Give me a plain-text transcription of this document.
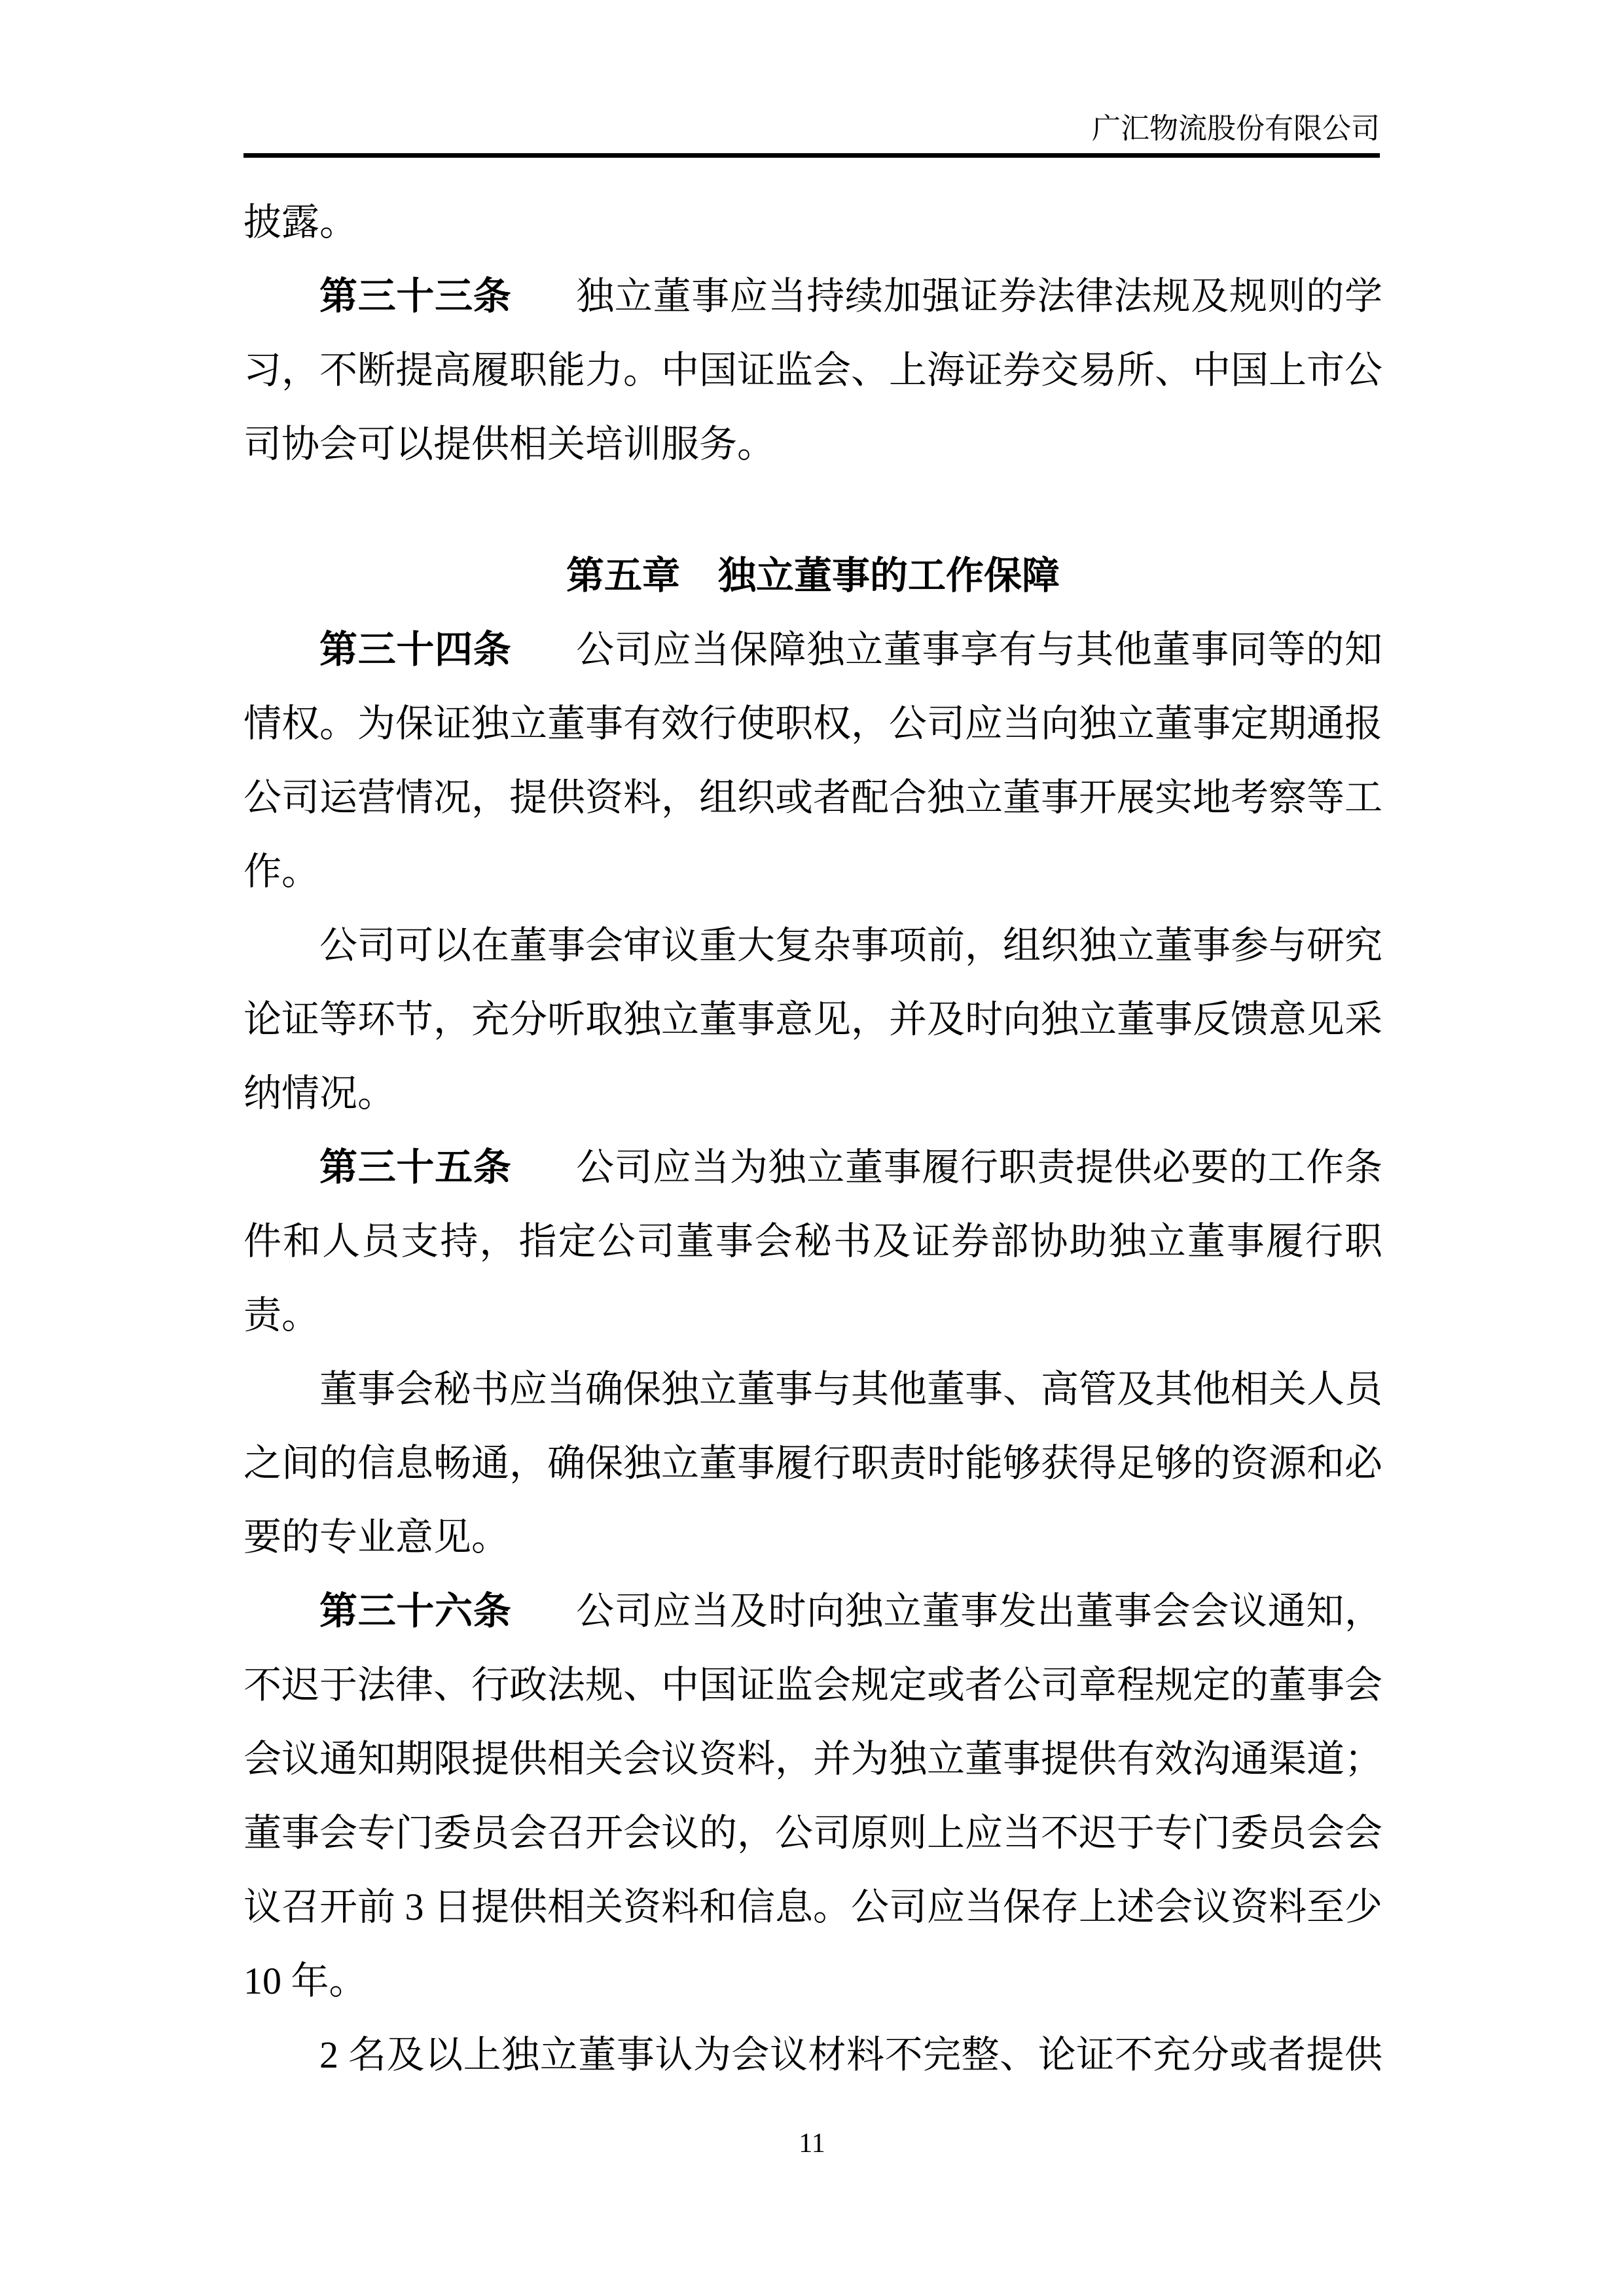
广汇物流股份有限公司

披露。

第三十三条 独立董事应当持续加强证券法律法规及规则的学习，不断提高履职能力。中国证监会、上海证券交易所、中国上市公司协会可以提供相关培训服务。

第五章　独立董事的工作保障

第三十四条 公司应当保障独立董事享有与其他董事同等的知情权。为保证独立董事有效行使职权，公司应当向独立董事定期通报公司运营情况，提供资料，组织或者配合独立董事开展实地考察等工作。

公司可以在董事会审议重大复杂事项前，组织独立董事参与研究论证等环节，充分听取独立董事意见，并及时向独立董事反馈意见采纳情况。

第三十五条 公司应当为独立董事履行职责提供必要的工作条件和人员支持，指定公司董事会秘书及证券部协助独立董事履行职责。

董事会秘书应当确保独立董事与其他董事、高管及其他相关人员之间的信息畅通，确保独立董事履行职责时能够获得足够的资源和必要的专业意见。

第三十六条 公司应当及时向独立董事发出董事会会议通知，不迟于法律、行政法规、中国证监会规定或者公司章程规定的董事会会议通知期限提供相关会议资料，并为独立董事提供有效沟通渠道；董事会专门委员会召开会议的，公司原则上应当不迟于专门委员会会议召开前 3 日提供相关资料和信息。公司应当保存上述会议资料至少 10 年。

2 名及以上独立董事认为会议材料不完整、论证不充分或者提供

11
